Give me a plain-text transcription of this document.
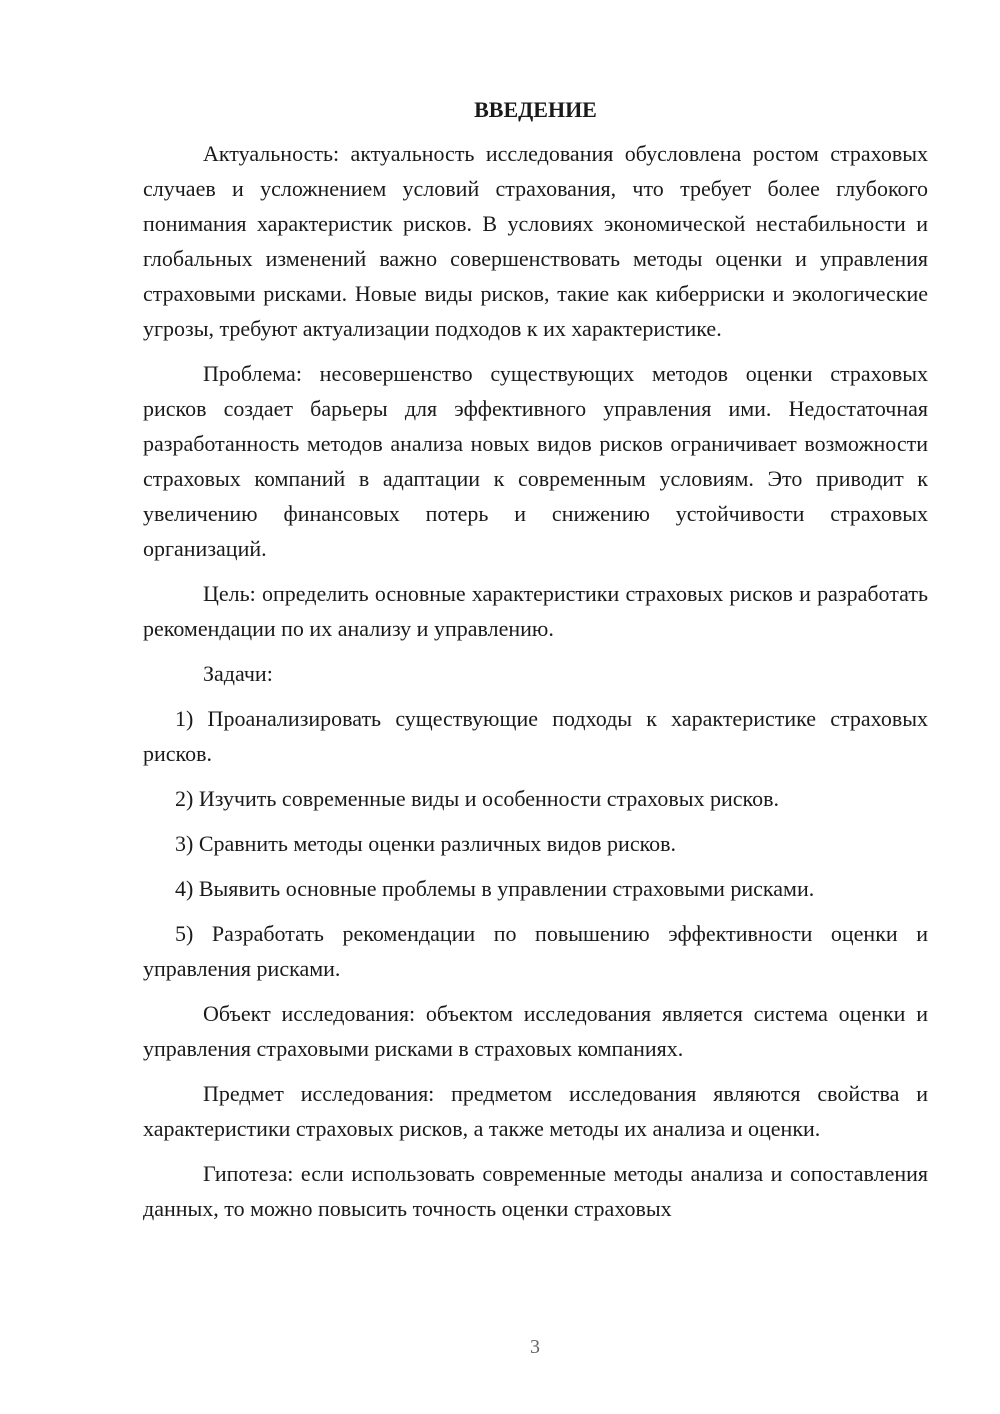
ВВЕДЕНИЕ

Актуальность: актуальность исследования обусловлена ростом страховых случаев и усложнением условий страхования, что требует более глубокого понимания характеристик рисков. В условиях экономической нестабильности и глобальных изменений важно совершенствовать методы оценки и управления страховыми рисками. Новые виды рисков, такие как киберриски и экологические угрозы, требуют актуализации подходов к их характеристике.

Проблема: несовершенство существующих методов оценки страховых рисков создает барьеры для эффективного управления ими. Недостаточная разработанность методов анализа новых видов рисков ограничивает возможности страховых компаний в адаптации к современным условиям. Это приводит к увеличению финансовых потерь и снижению устойчивости страховых организаций.

Цель: определить основные характеристики страховых рисков и разработать рекомендации по их анализу и управлению.

Задачи:

1) Проанализировать существующие подходы к характеристике страховых рисков.

2) Изучить современные виды и особенности страховых рисков.

3) Сравнить методы оценки различных видов рисков.

4) Выявить основные проблемы в управлении страховыми рисками.

5) Разработать рекомендации по повышению эффективности оценки и управления рисками.

Объект исследования: объектом исследования является система оценки и управления страховыми рисками в страховых компаниях.

Предмет исследования: предметом исследования являются свойства и характеристики страховых рисков, а также методы их анализа и оценки.

Гипотеза: если использовать современные методы анализа и сопоставления данных, то можно повысить точность оценки страховых

3
